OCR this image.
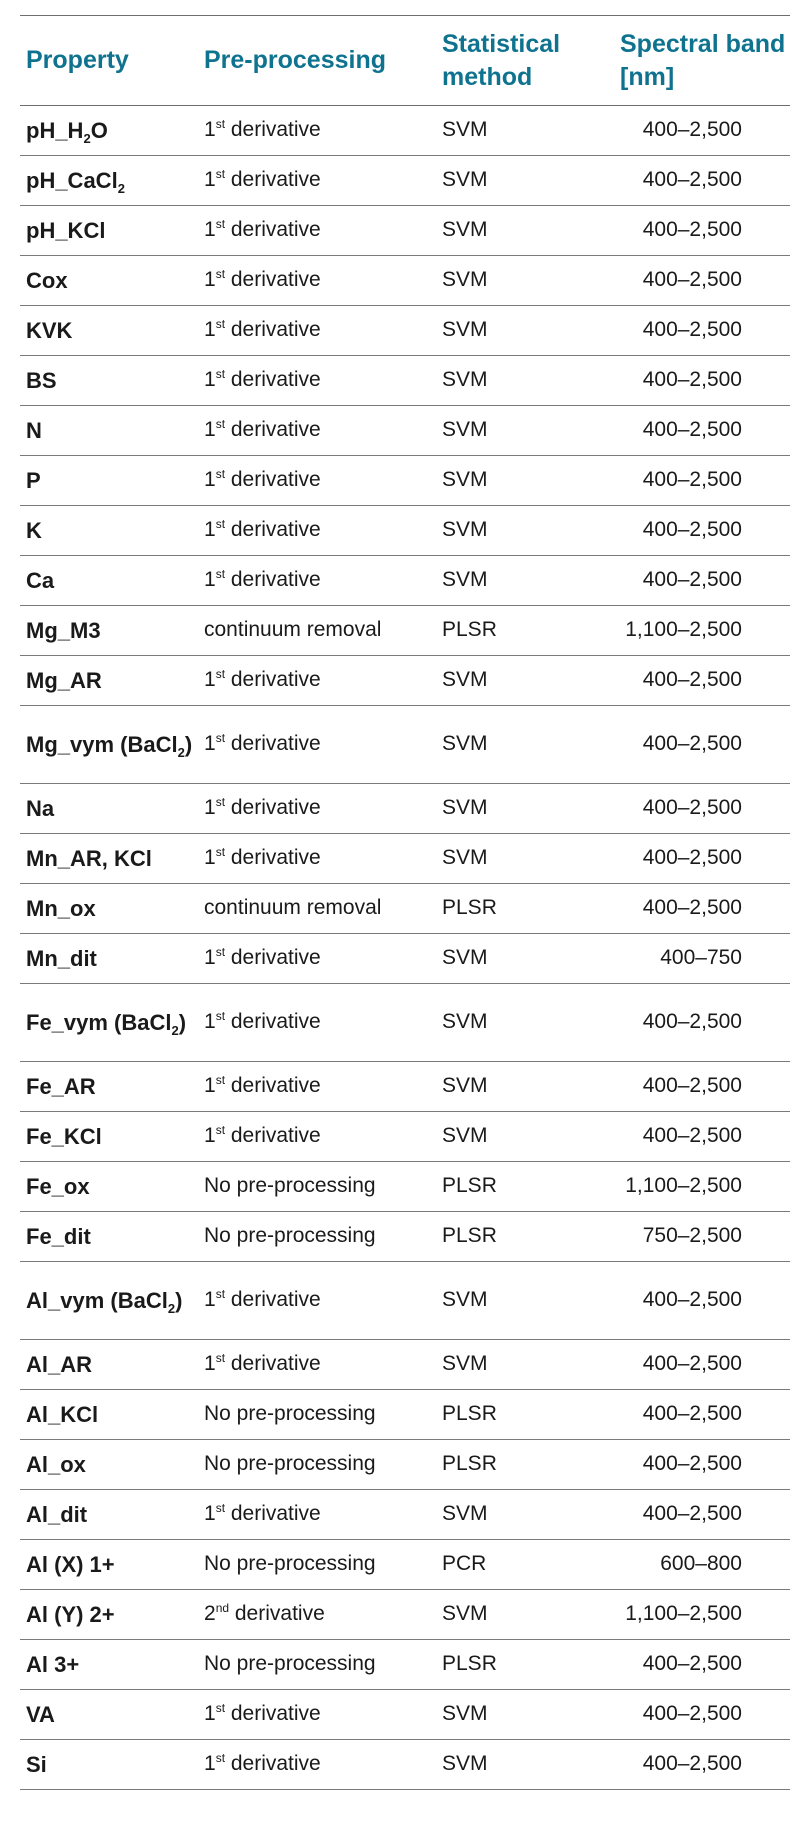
Property	Pre-processing	Statistical method	Spectral band [nm]
$pH\_H_2O$	1st derivative	SVM	400–2,500
pH_CaCl$_2$	1st derivative	SVM	400–2,500
pH_KCl	1st derivative	SVM	400–2,500
Cox	1st derivative	SVM	400–2,500
KVK	1st derivative	SVM	400–2,500
BS	1st derivative	SVM	400–2,500
N	1st derivative	SVM	400–2,500
P	1st derivative	SVM	400–2,500
K	1st derivative	SVM	400–2,500
Ca	1st derivative	SVM	400–2,500
Mg_M3	continuum removal	PLSR	1,100–2,500
Mg_AR	1st derivative	SVM	400–2,500
Mg_vym (BaCl$_2$)	1st derivative	SVM	400–2,500
Na	1st derivative	SVM	400–2,500
Mn_AR, KCl	1st derivative	SVM	400–2,500
Mn_ox	continuum removal	PLSR	400–2,500
Mn_dit	1st derivative	SVM	400–750
Fe_vym (BaCl$_2$)	1st derivative	SVM	400–2,500
Fe_AR	1st derivative	SVM	400–2,500
Fe_KCl	1st derivative	SVM	400–2,500
Fe_ox	No pre-processing	PLSR	1,100–2,500
Fe_dit	No pre-processing	PLSR	750–2,500
Al_vym (BaCl$_2$)	1st derivative	SVM	400–2,500
Al_AR	1st derivative	SVM	400–2,500
Al_KCl	No pre-processing	PLSR	400–2,500
Al_ox	No pre-processing	PLSR	400–2,500
Al_dit	1st derivative	SVM	400–2,500
Al (X) 1+	No pre-processing	PCR	600–800
Al (Y) 2+	2nd derivative	SVM	1,100–2,500
Al 3+	No pre-processing	PLSR	400–2,500
VA	1st derivative	SVM	400–2,500
Si	1st derivative	SVM	400–2,500
